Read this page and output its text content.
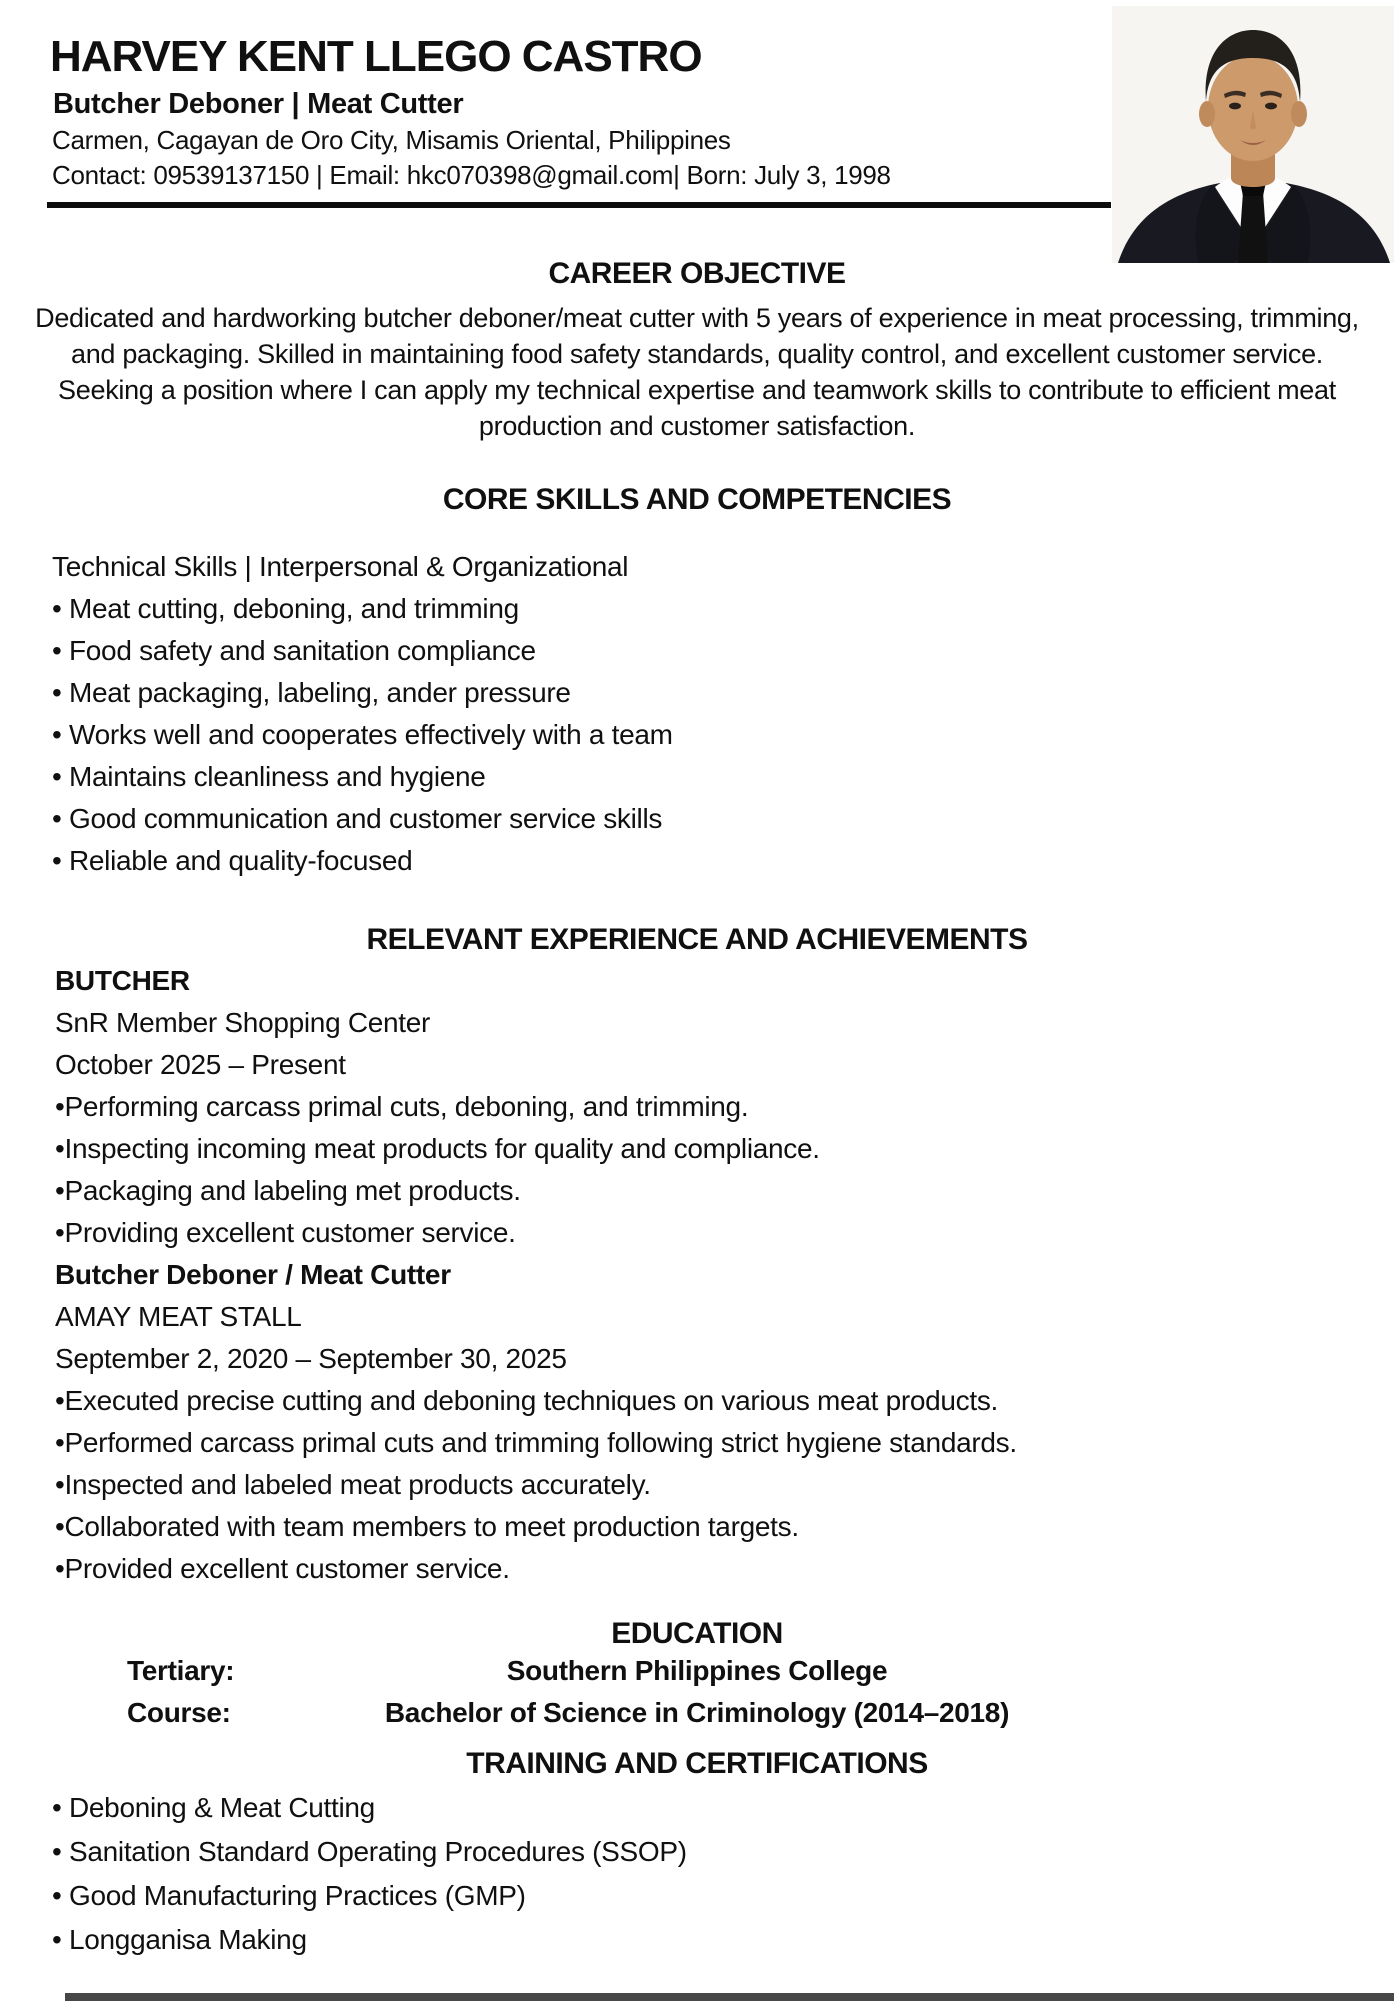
HARVEY KENT LLEGO CASTRO
Butcher Deboner | Meat Cutter
Carmen, Cagayan de Oro City, Misamis Oriental, Philippines
Contact: 09539137150 | Email: hkc070398@gmail.com| Born: July 3, 1998
CAREER OBJECTIVE
Dedicated and hardworking butcher deboner/meat cutter with 5 years of experience in meat processing, trimming, and packaging. Skilled in maintaining food safety standards, quality control, and excellent customer service. Seeking a position where I can apply my technical expertise and teamwork skills to contribute to efficient meat production and customer satisfaction.
CORE SKILLS AND COMPETENCIES
Technical Skills | Interpersonal & Organizational
• Meat cutting, deboning, and trimming
• Food safety and sanitation compliance
• Meat packaging, labeling, ander pressure
• Works well and cooperates effectively with a team
• Maintains cleanliness and hygiene
• Good communication and customer service skills
• Reliable and quality-focused
RELEVANT EXPERIENCE AND ACHIEVEMENTS
BUTCHER
SnR Member Shopping Center
October 2025 – Present
• Performing carcass primal cuts, deboning, and trimming.
• Inspecting incoming meat products for quality and compliance.
• Packaging and labeling met products.
• Providing excellent customer service.
Butcher Deboner / Meat Cutter
AMAY MEAT STALL
September 2, 2020 – September 30, 2025
• Executed precise cutting and deboning techniques on various meat products.
• Performed carcass primal cuts and trimming following strict hygiene standards.
• Inspected and labeled meat products accurately.
• Collaborated with team members to meet production targets.
• Provided excellent customer service.
EDUCATION
Tertiary:	Southern Philippines College
Course:	Bachelor of Science in Criminology (2014–2018)
TRAINING AND CERTIFICATIONS
• Deboning & Meat Cutting
• Sanitation Standard Operating Procedures (SSOP)
• Good Manufacturing Practices (GMP)
• Longganisa Making
